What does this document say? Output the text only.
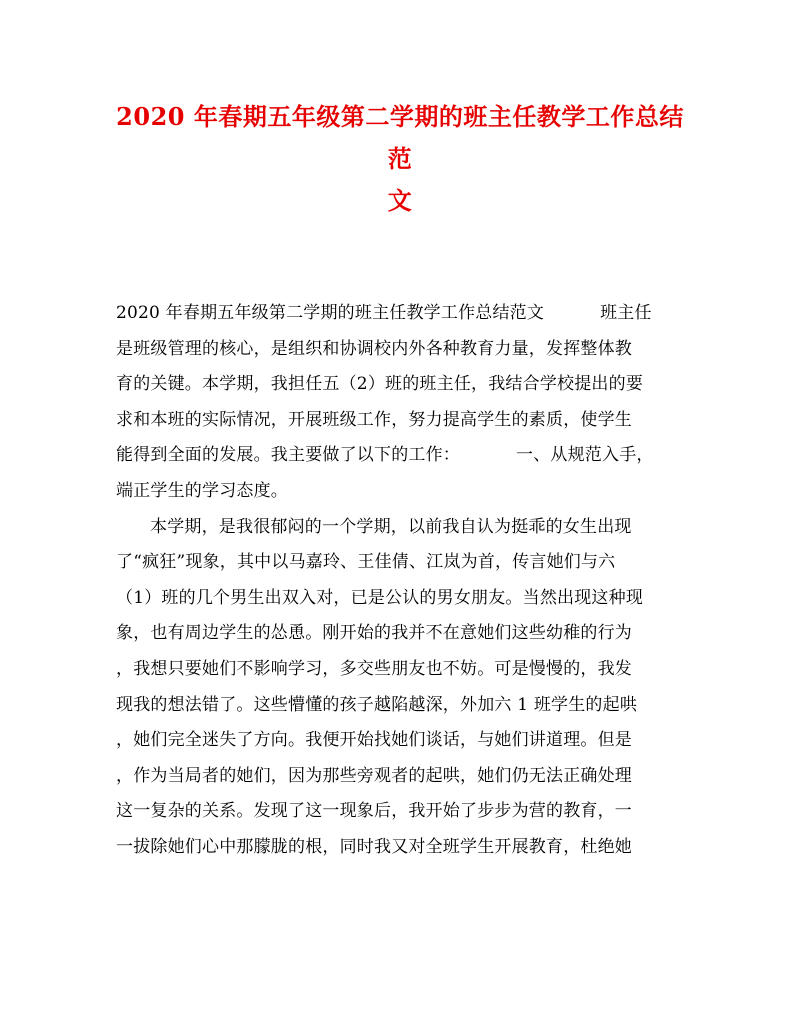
2020 年春期五年级第二学期的班主任教学工作总结范
文
2020 年春期五年级第二学期的班主任教学工作总结范文	班主任
是班级管理的核心，是组织和协调校内外各种教育力量，发挥整体教
育的关键。本学期，我担任五（2）班的班主任，我结合学校提出的要
求和本班的实际情况，开展班级工作，努力提高学生的素质，使学生
能得到全面的发展。我主要做了以下的工作：	一、从规范入手，
端正学生的学习态度。
本学期，是我很郁闷的一个学期，以前我自认为挺乖的女生出现
了“疯狂”现象，其中以马嘉玲、王佳倩、江岚为首，传言她们与六
（1）班的几个男生出双入对，已是公认的男女朋友。当然出现这种现
象，也有周边学生的怂恿。刚开始的我并不在意她们这些幼稚的行为
，我想只要她们不影响学习，多交些朋友也不妨。可是慢慢的，我发
现我的想法错了。这些懵懂的孩子越陷越深，外加六 1 班学生的起哄
，她们完全迷失了方向。我便开始找她们谈话，与她们讲道理。但是
，作为当局者的她们，因为那些旁观者的起哄，她们仍无法正确处理
这一复杂的关系。发现了这一现象后，我开始了步步为营的教育，一
一拔除她们心中那朦胧的根，同时我又对全班学生开展教育，杜绝她
